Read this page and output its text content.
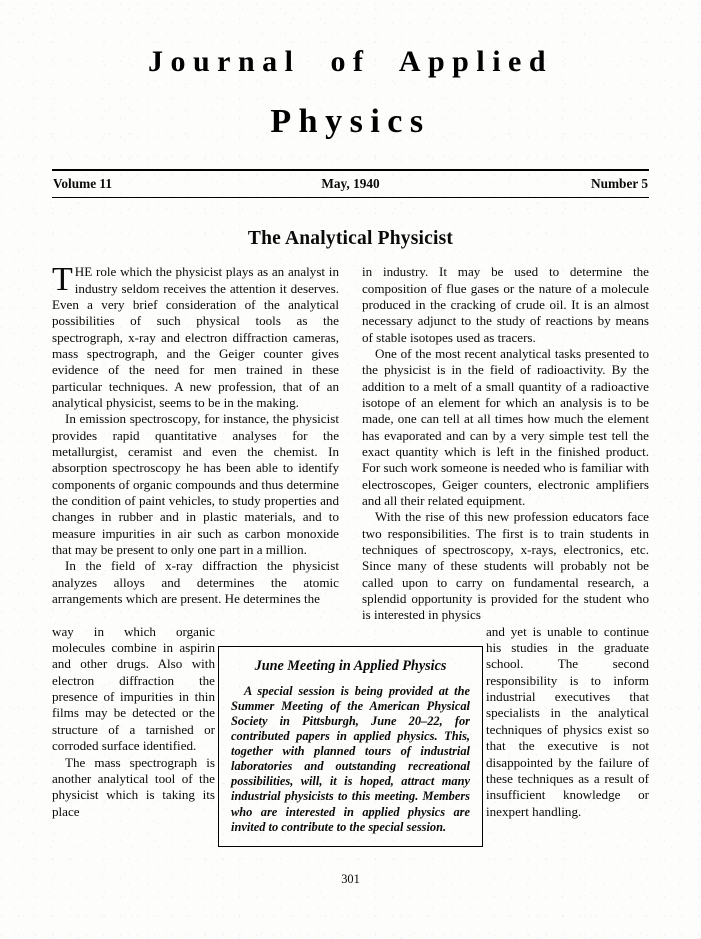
Journal  of  Applied
Physics
Volume 11	May, 1940	Number 5
The Analytical Physicist

THE role which the physicist plays as an analyst in industry seldom receives the attention it deserves. Even a very brief consideration of the analytical possibilities of such physical tools as the spectrograph, x-ray and electron diffraction cameras, mass spectrograph, and the Geiger counter gives evidence of the need for men trained in these particular techniques. A new profession, that of an analytical physicist, seems to be in the making.

In emission spectroscopy, for instance, the physicist provides rapid quantitative analyses for the metallurgist, ceramist and even the chemist. In absorption spectroscopy he has been able to identify components of organic compounds and thus determine the condition of paint vehicles, to study properties and changes in rubber and in plastic materials, and to measure impurities in air such as carbon monoxide that may be present to only one part in a million.

In the field of x-ray diffraction the physicist analyzes alloys and determines the atomic arrangements which are present. He determines the

in industry. It may be used to determine the composition of flue gases or the nature of a molecule produced in the cracking of crude oil. It is an almost necessary adjunct to the study of reactions by means of stable isotopes used as tracers.

One of the most recent analytical tasks presented to the physicist is in the field of radioactivity. By the addition to a melt of a small quantity of a radioactive isotope of an element for which an analysis is to be made, one can tell at all times how much the element has evaporated and can by a very simple test tell the exact quantity which is left in the finished product. For such work someone is needed who is familiar with electroscopes, Geiger counters, electronic amplifiers and all their related equipment.

With the rise of this new profession educators face two responsibilities. The first is to train students in techniques of spectroscopy, x-rays, electronics, etc. Since many of these students will probably not be called upon to carry on fundamental research, a splendid opportunity is provided for the student who is interested in physics

way in which organic molecules combine in aspirin and other drugs. Also with electron diffraction the presence of impurities in thin films may be detected or the structure of a tarnished or corroded surface identified.

The mass spectrograph is another analytical tool of the physicist which is taking its place

and yet is unable to continue his studies in the graduate school. The second responsibility is to inform industrial executives that specialists in the analytical techniques of physics exist so that the executive is not disappointed by the failure of these techniques as a result of insufficient knowledge or inexpert handling.

June Meeting in Applied Physics

A special session is being provided at the Summer Meeting of the American Physical Society in Pittsburgh, June 20–22, for contributed papers in applied physics. This, together with planned tours of industrial laboratories and outstanding recreational possibilities, will, it is hoped, attract many industrial physicists to this meeting. Members who are interested in applied physics are invited to contribute to the special session.

301
